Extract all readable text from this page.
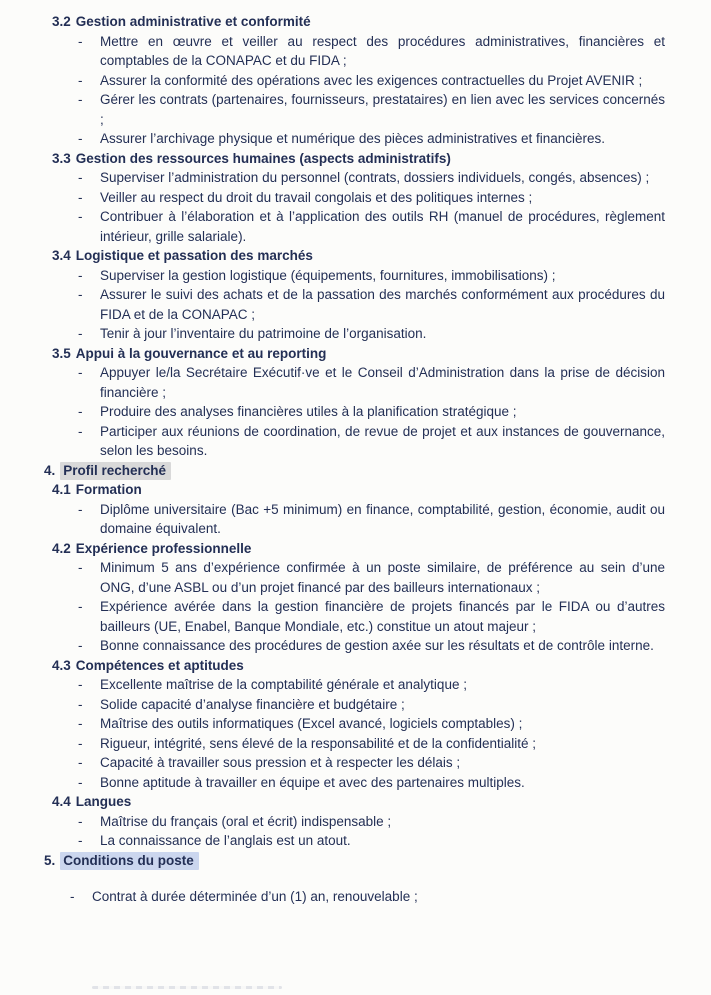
3.2 Gestion administrative et conformité
-	Mettre en œuvre et veiller au respect des procédures administratives, financières et comptables de la CONAPAC et du FIDA ;
-	Assurer la conformité des opérations avec les exigences contractuelles du Projet AVENIR ;
-	Gérer les contrats (partenaires, fournisseurs, prestataires) en lien avec les services concernés ;
-	Assurer l’archivage physique et numérique des pièces administratives et financières.
3.3 Gestion des ressources humaines (aspects administratifs)
-	Superviser l’administration du personnel (contrats, dossiers individuels, congés, absences) ;
-	Veiller au respect du droit du travail congolais et des politiques internes ;
-	Contribuer à l’élaboration et à l’application des outils RH (manuel de procédures, règlement intérieur, grille salariale).
3.4 Logistique et passation des marchés
-	Superviser la gestion logistique (équipements, fournitures, immobilisations) ;
-	Assurer le suivi des achats et de la passation des marchés conformément aux procédures du FIDA et de la CONAPAC ;
-	Tenir à jour l’inventaire du patrimoine de l’organisation.
3.5 Appui à la gouvernance et au reporting
-	Appuyer le/la Secrétaire Exécutif·ve et le Conseil d’Administration dans la prise de décision financière ;
-	Produire des analyses financières utiles à la planification stratégique ;
-	Participer aux réunions de coordination, de revue de projet et aux instances de gouvernance, selon les besoins.
4. Profil recherché
4.1 Formation
-	Diplôme universitaire (Bac +5 minimum) en finance, comptabilité, gestion, économie, audit ou domaine équivalent.
4.2 Expérience professionnelle
-	Minimum 5 ans d’expérience confirmée à un poste similaire, de préférence au sein d’une ONG, d’une ASBL ou d’un projet financé par des bailleurs internationaux ;
-	Expérience avérée dans la gestion financière de projets financés par le FIDA ou d’autres bailleurs (UE, Enabel, Banque Mondiale, etc.) constitue un atout majeur ;
-	Bonne connaissance des procédures de gestion axée sur les résultats et de contrôle interne.
4.3 Compétences et aptitudes
-	Excellente maîtrise de la comptabilité générale et analytique ;
-	Solide capacité d’analyse financière et budgétaire ;
-	Maîtrise des outils informatiques (Excel avancé, logiciels comptables) ;
-	Rigueur, intégrité, sens élevé de la responsabilité et de la confidentialité ;
-	Capacité à travailler sous pression et à respecter les délais ;
-	Bonne aptitude à travailler en équipe et avec des partenaires multiples.
4.4 Langues
-	Maîtrise du français (oral et écrit) indispensable ;
-	La connaissance de l’anglais est un atout.
5. Conditions du poste
-	Contrat à durée déterminée d’un (1) an, renouvelable ;
